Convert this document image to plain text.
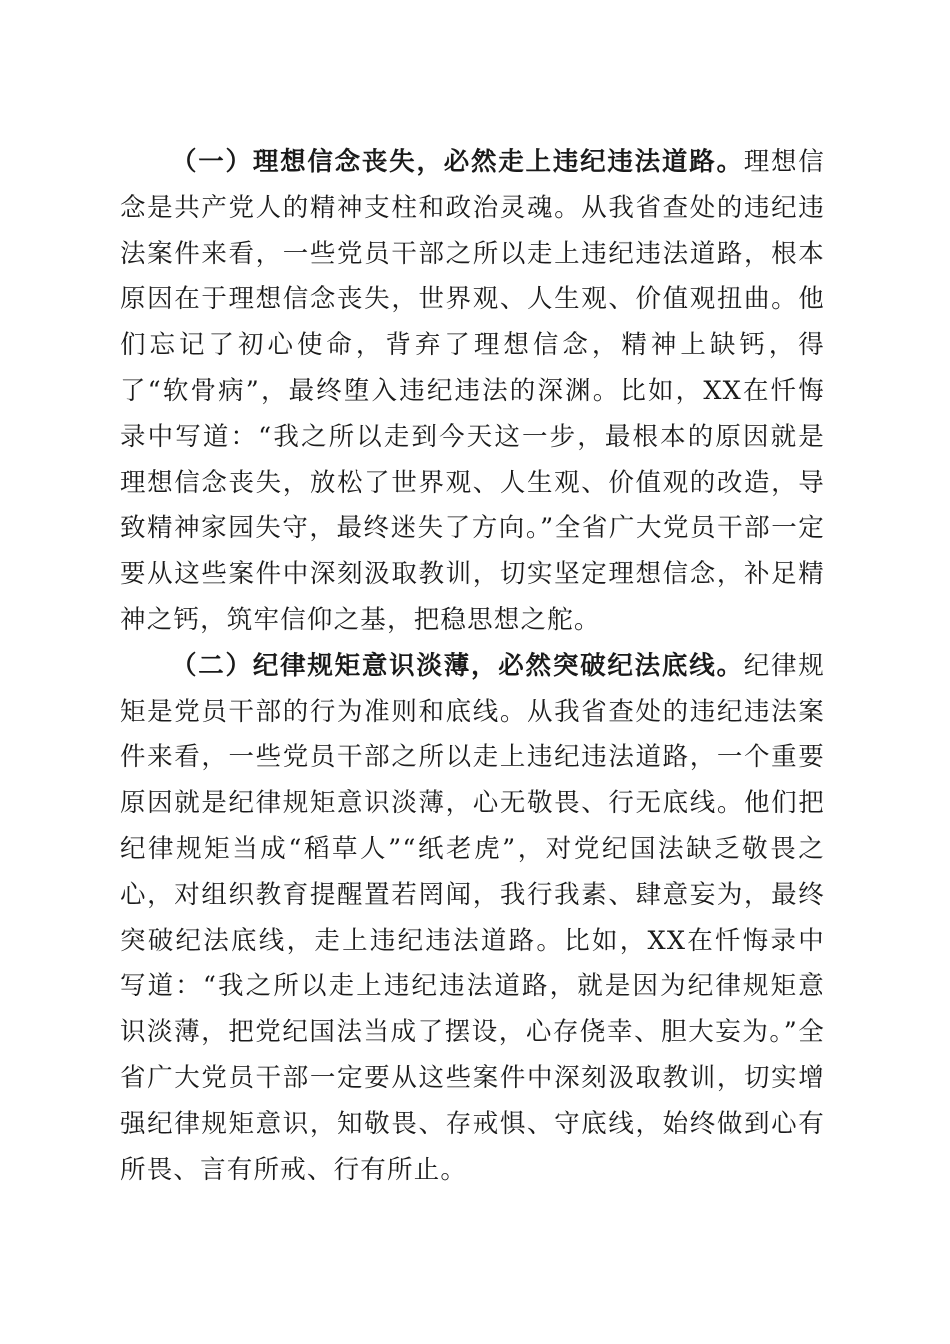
（一）理想信念丧失，必然走上违纪违法道路。理想信念是共产党人的精神支柱和政治灵魂。从我省查处的违纪违法案件来看，一些党员干部之所以走上违纪违法道路，根本原因在于理想信念丧失，世界观、人生观、价值观扭曲。他们忘记了初心使命，背弃了理想信念，精神上缺钙，得了“软骨病”，最终堕入违纪违法的深渊。比如，XX在忏悔录中写道：“我之所以走到今天这一步，最根本的原因就是理想信念丧失，放松了世界观、人生观、价值观的改造，导致精神家园失守，最终迷失了方向。”全省广大党员干部一定要从这些案件中深刻汲取教训，切实坚定理想信念，补足精神之钙，筑牢信仰之基，把稳思想之舵。

（二）纪律规矩意识淡薄，必然突破纪法底线。纪律规矩是党员干部的行为准则和底线。从我省查处的违纪违法案件来看，一些党员干部之所以走上违纪违法道路，一个重要原因就是纪律规矩意识淡薄，心无敬畏、行无底线。他们把纪律规矩当成“稻草人”“纸老虎”，对党纪国法缺乏敬畏之心，对组织教育提醒置若罔闻，我行我素、肆意妄为，最终突破纪法底线，走上违纪违法道路。比如，XX在忏悔录中写道：“我之所以走上违纪违法道路，就是因为纪律规矩意识淡薄，把党纪国法当成了摆设，心存侥幸、胆大妄为。”全省广大党员干部一定要从这些案件中深刻汲取教训，切实增强纪律规矩意识，知敬畏、存戒惧、守底线，始终做到心有所畏、言有所戒、行有所止。
